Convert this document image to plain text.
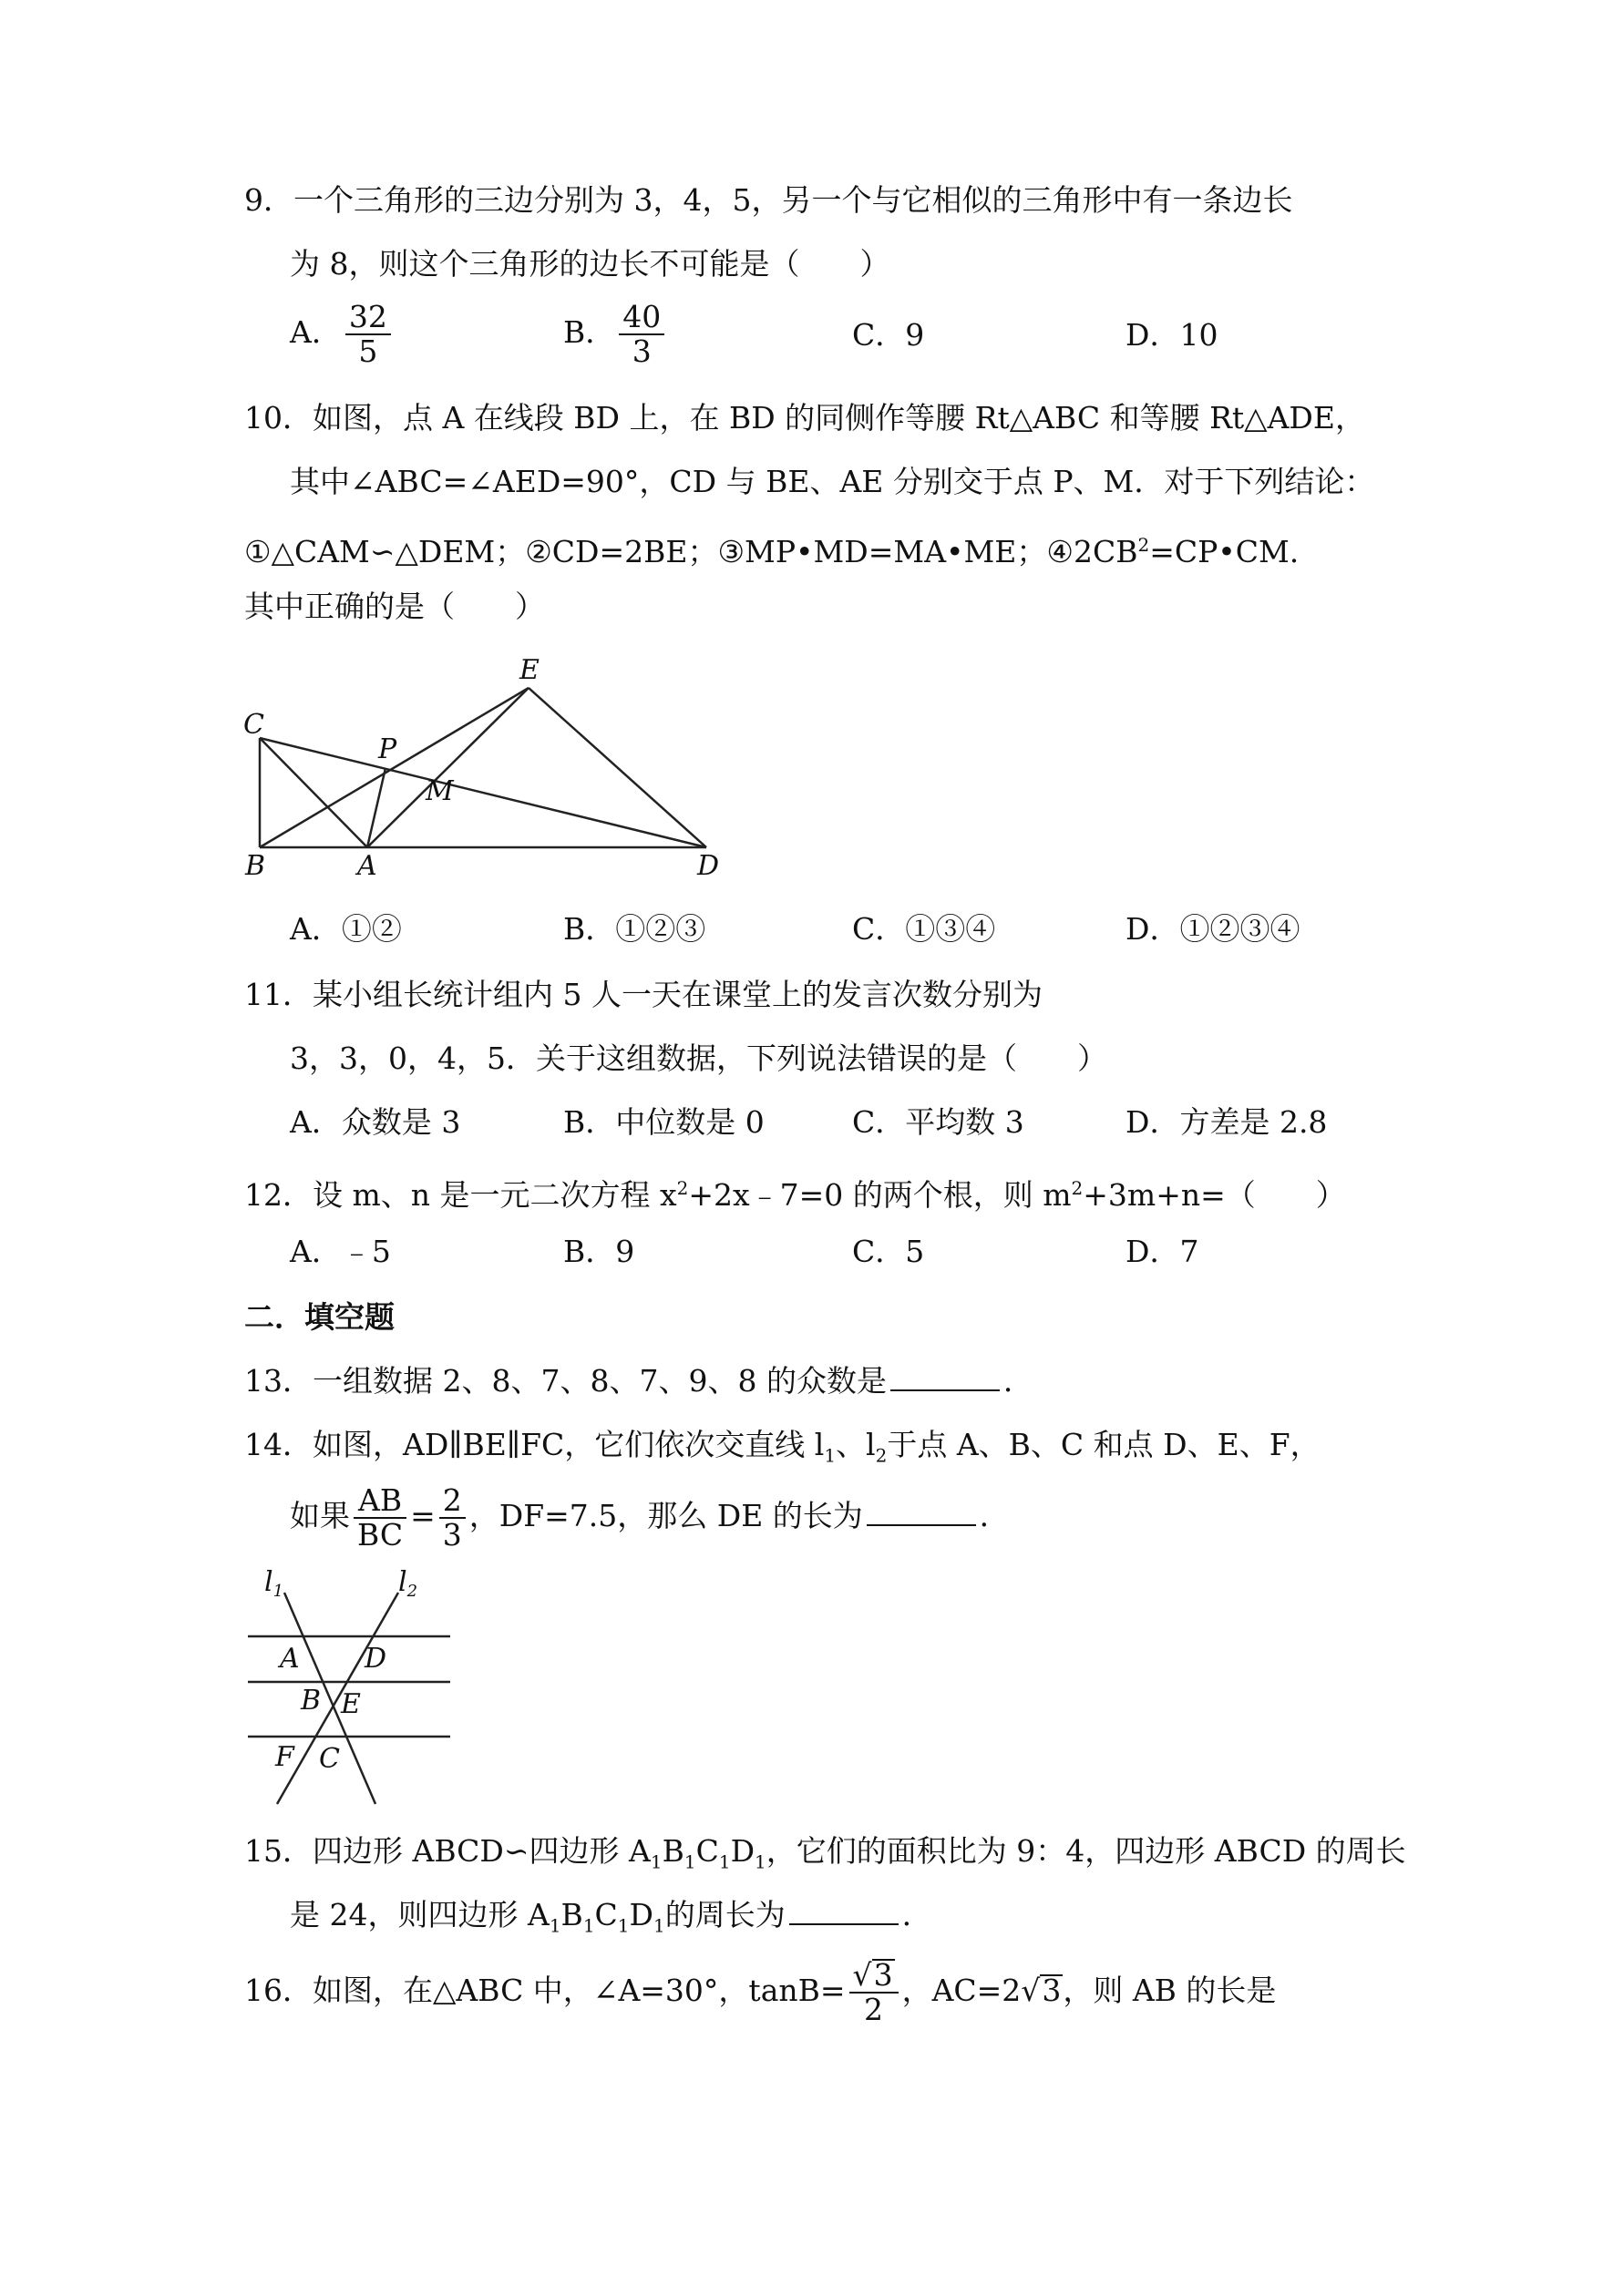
9．一个三角形的三边分别为 3，4，5，另一个与它相似的三角形中有一条边长
为 8，则这个三角形的边长不可能是（　　）
A． $\frac{32}{5}$	B． $\frac{40}{3}$	C．9	D．10
10．如图，点 A 在线段 BD 上，在 BD 的同侧作等腰 Rt△ABC 和等腰 Rt△ADE，
其中∠ABC=∠AED=90°，CD 与 BE、AE 分别交于点 P、M．对于下列结论：
①△CAM∽△DEM；②CD=2BE；③MP•MD=MA•ME；$④2CB^2=CP•CM$.
其中正确的是（　　）
C
E
P
M
B	A	D
A．①②	B．①②③	C．①③④	D．①②③④
11．某小组长统计组内 5 人一天在课堂上的发言次数分别为
3，3，0，4，5．关于这组数据，下列说法错误的是（　　）
A．众数是 3	B．中位数是 0	C．平均数 3	D．方差是 2.8
12．设 m、n 是一元二次方程 $x^2+2x﹣7=0$ 的两个根，则 $m^2+3m+n=$（　　）
A．﹣5	B．9	C．5	D．7
二．填空题
13．一组数据 2、8、7、8、7、9、8 的众数是	．
14．如图，AD∥BE∥FC，它们依次交直线 $l_1$、$l_2$于点 A、B、C 和点 D、E、F，
如果 $\frac{AB}{BC} = \frac{2}{3}$ ，DF=7.5，那么 DE 的长为	．
$l_1$	$l_2$
A D
B E
F C
15．四边形 ABCD∽四边形 $A_1B_1C_1D_1$，它们的面积比为 9：4，四边形 ABCD 的周长
是 24，则四边形 $A_1B_1C_1D_1$的周长为	．
16．如图，在△ABC 中，∠A=30°，$\tan B= \frac{√3}{2}$ ，AC=2√3，则 AB 的长是
